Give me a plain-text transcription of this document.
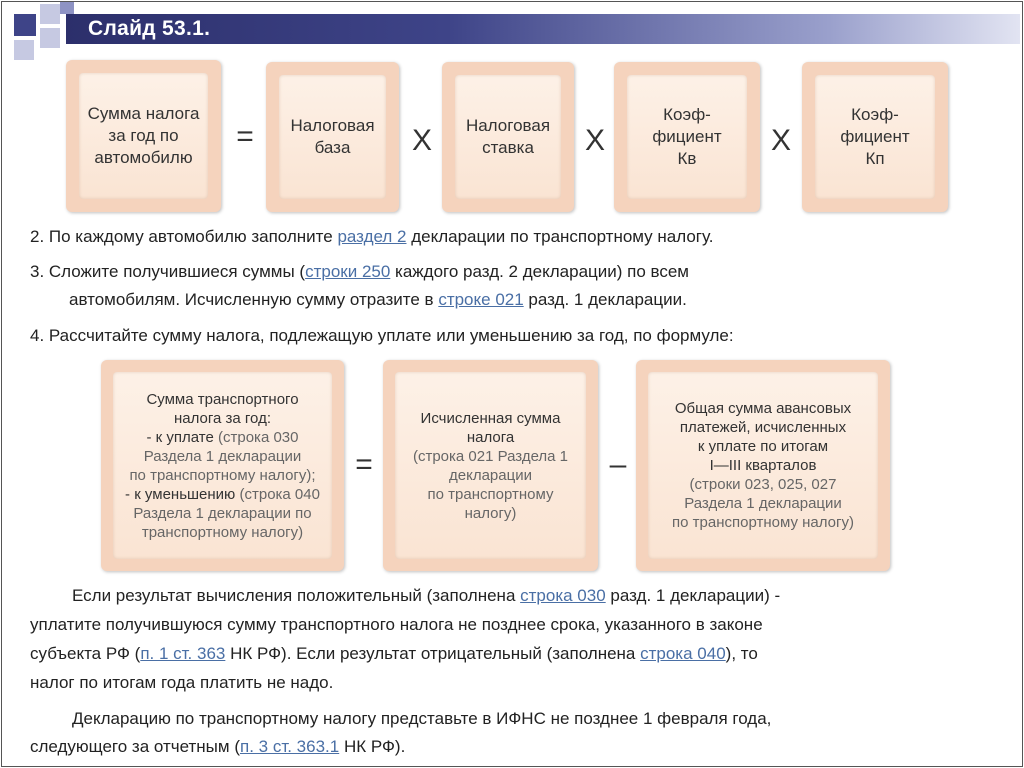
Слайд 53.1.
Сумма налога за год по автомобилю
=	Налоговая база	X	Налоговая ставка	X
Коэф- фициент Кв
X
Коэф- фициент Кп
2. По каждому автомобилю заполните раздел 2 декларации по транспортному налогу.
3. Сложите получившиеся суммы (строки 250 каждого разд. 2 декларации) по всем
автомобилям. Исчисленную сумму отразите в строке 021 разд. 1 декларации.
4. Рассчитайте сумму налога, подлежащую уплате или уменьшению за год, по формуле:
Сумма транспортного
налога за год:
- к уплате (строка 030
Раздела 1 декларации
по транспортному налогу);
- к уменьшению (строка 040
Раздела 1 декларации по
транспортному налогу)
=
Исчисленная сумма
налога
(строка 021 Раздела 1
декларации
по транспортному
налогу)
–
Общая сумма авансовых
платежей, исчисленных
к уплате по итогам
I—III кварталов
(строки 023, 025, 027
Раздела 1 декларации
по транспортному налогу)
Если результат вычисления положительный (заполнена строка 030 разд. 1 декларации) -
уплатите получившуюся сумму транспортного налога не позднее срока, указанного в законе
субъекта РФ (п. 1 ст. 363 НК РФ). Если результат отрицательный (заполнена строка 040), то
налог по итогам года платить не надо.
Декларацию по транспортному налогу представьте в ИФНС не позднее 1 февраля года,
следующего за отчетным (п. 3 ст. 363.1 НК РФ).
